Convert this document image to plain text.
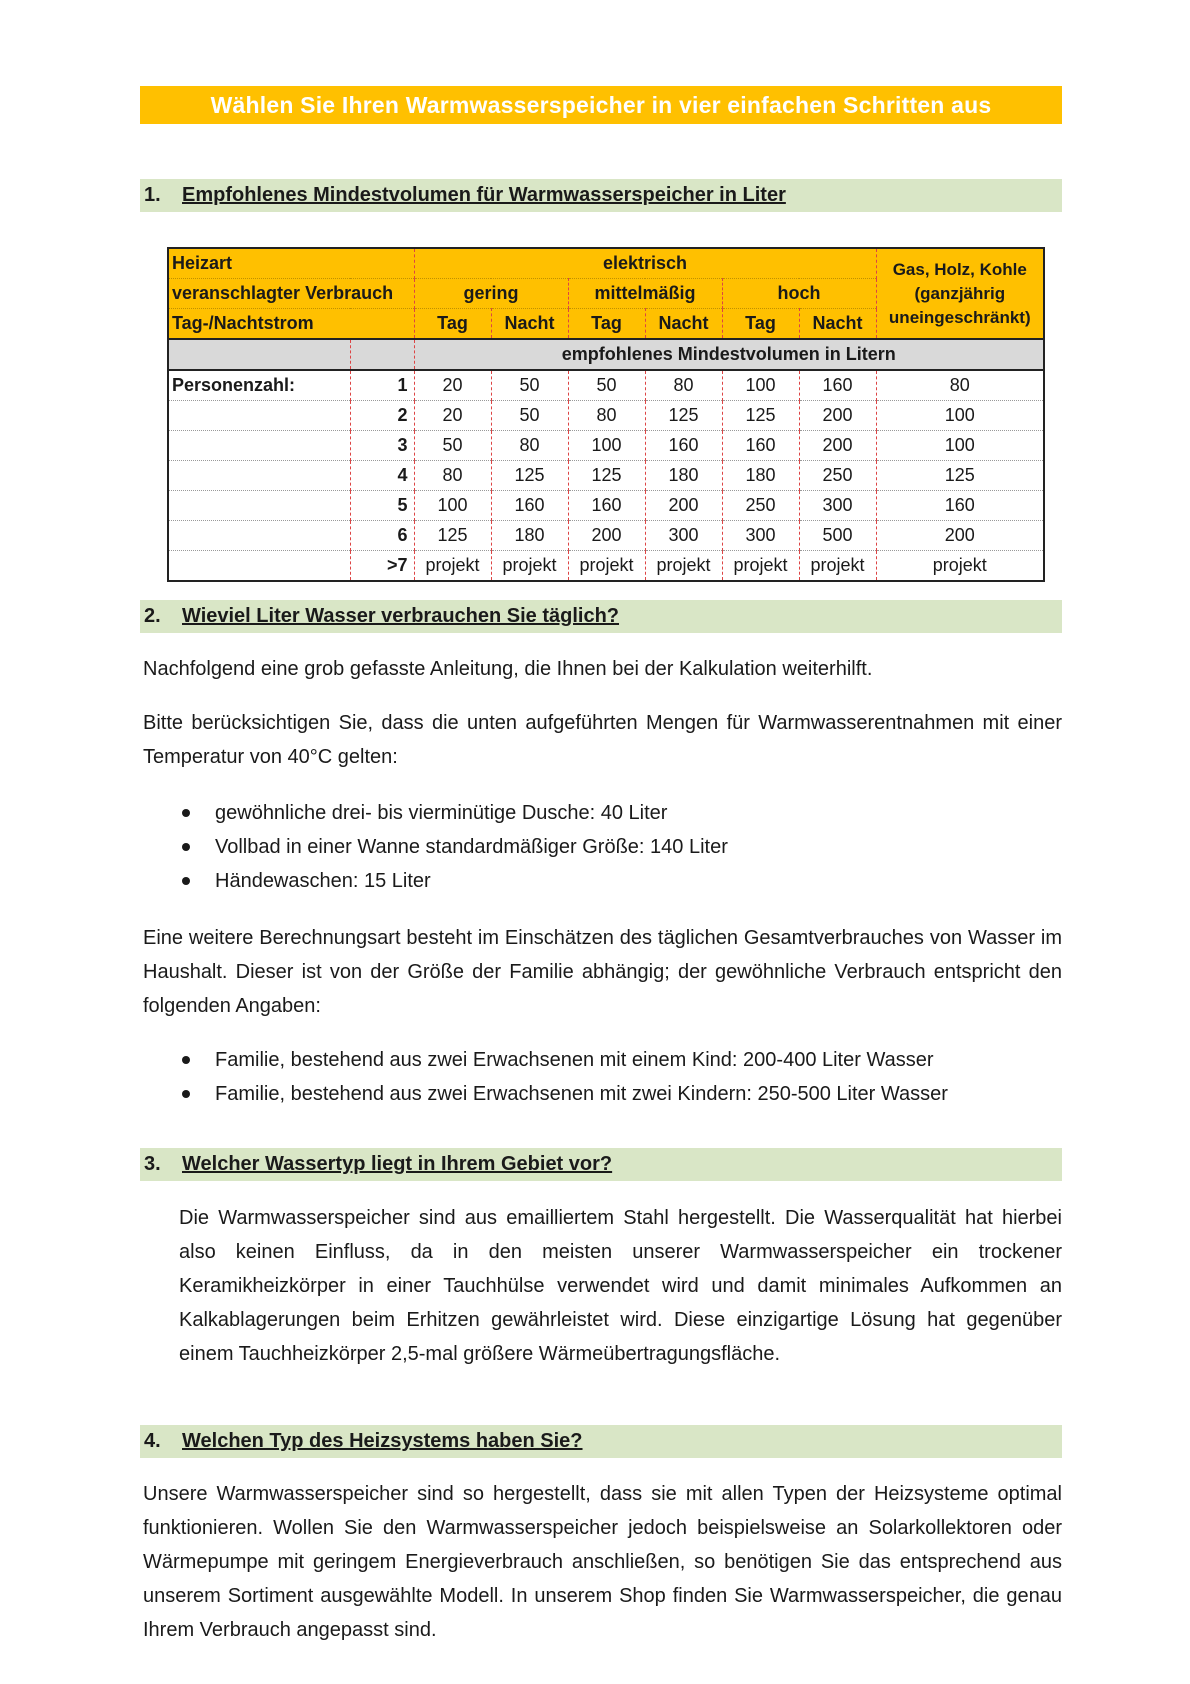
Wählen Sie Ihren Warmwasserspeicher in vier einfachen Schritten aus
1.	Empfohlenes Mindestvolumen für Warmwasserspeicher in Liter
Heizart		elektrisch						Gas, Holz, Kohle
(ganzjährig
uneingeschränkt)

veranschlagter Verbrauch		gering		mittelmäßig		hoch		
Tag-/Nachtstrom		Tag	Nacht	Tag	Nacht	Tag	Nacht	
		empfohlenes Mindestvolumen in Litern						
Personenzahl:	1	20	50	50	80	100	160	80
	2	20	50	80	125	125	200	100
	3	50	80	100	160	160	200	100
	4	80	125	125	180	180	250	125
	5	100	160	160	200	250	300	160
	6	125	180	200	300	300	500	200
	>7	projekt	projekt	projekt	projekt	projekt	projekt	projekt
2.	Wieviel Liter Wasser verbrauchen Sie täglich?
Nachfolgend eine grob gefasste Anleitung, die Ihnen bei der Kalkulation weiterhilft.
Bitte berücksichtigen Sie, dass die unten aufgeführten Mengen für Warmwasserentnahmen mit einer Temperatur von 40°C gelten:
gewöhnliche drei- bis vierminütige Dusche: 40 Liter
Vollbad in einer Wanne standardmäßiger Größe: 140 Liter
Händewaschen: 15 Liter
Eine weitere Berechnungsart besteht im Einschätzen des täglichen Gesamtverbrauches von Wasser im Haushalt. Dieser ist von der Größe der Familie abhängig; der gewöhnliche Verbrauch entspricht den folgenden Angaben:
Familie, bestehend aus zwei Erwachsenen mit einem Kind: 200-400 Liter Wasser
Familie, bestehend aus zwei Erwachsenen mit zwei Kindern: 250-500 Liter Wasser
3.	Welcher Wassertyp liegt in Ihrem Gebiet vor?
Die Warmwasserspeicher sind aus emailliertem Stahl hergestellt. Die Wasserqualität hat hierbei also keinen Einfluss, da in den meisten unserer Warmwasserspeicher ein trockener Keramikheizkörper in einer Tauchhülse verwendet wird und damit minimales Aufkommen an Kalkablagerungen beim Erhitzen gewährleistet wird. Diese einzigartige Lösung hat gegenüber einem Tauchheizkörper 2,5-mal größere Wärmeübertragungsfläche.
4.	Welchen Typ des Heizsystems haben Sie?
Unsere Warmwasserspeicher sind so hergestellt, dass sie mit allen Typen der Heizsysteme optimal funktionieren. Wollen Sie den Warmwasserspeicher jedoch beispielsweise an Solarkollektoren oder Wärmepumpe mit geringem Energieverbrauch anschließen, so benötigen Sie das entsprechend aus unserem Sortiment ausgewählte Modell. In unserem Shop finden Sie Warmwasserspeicher, die genau Ihrem Verbrauch angepasst sind.
